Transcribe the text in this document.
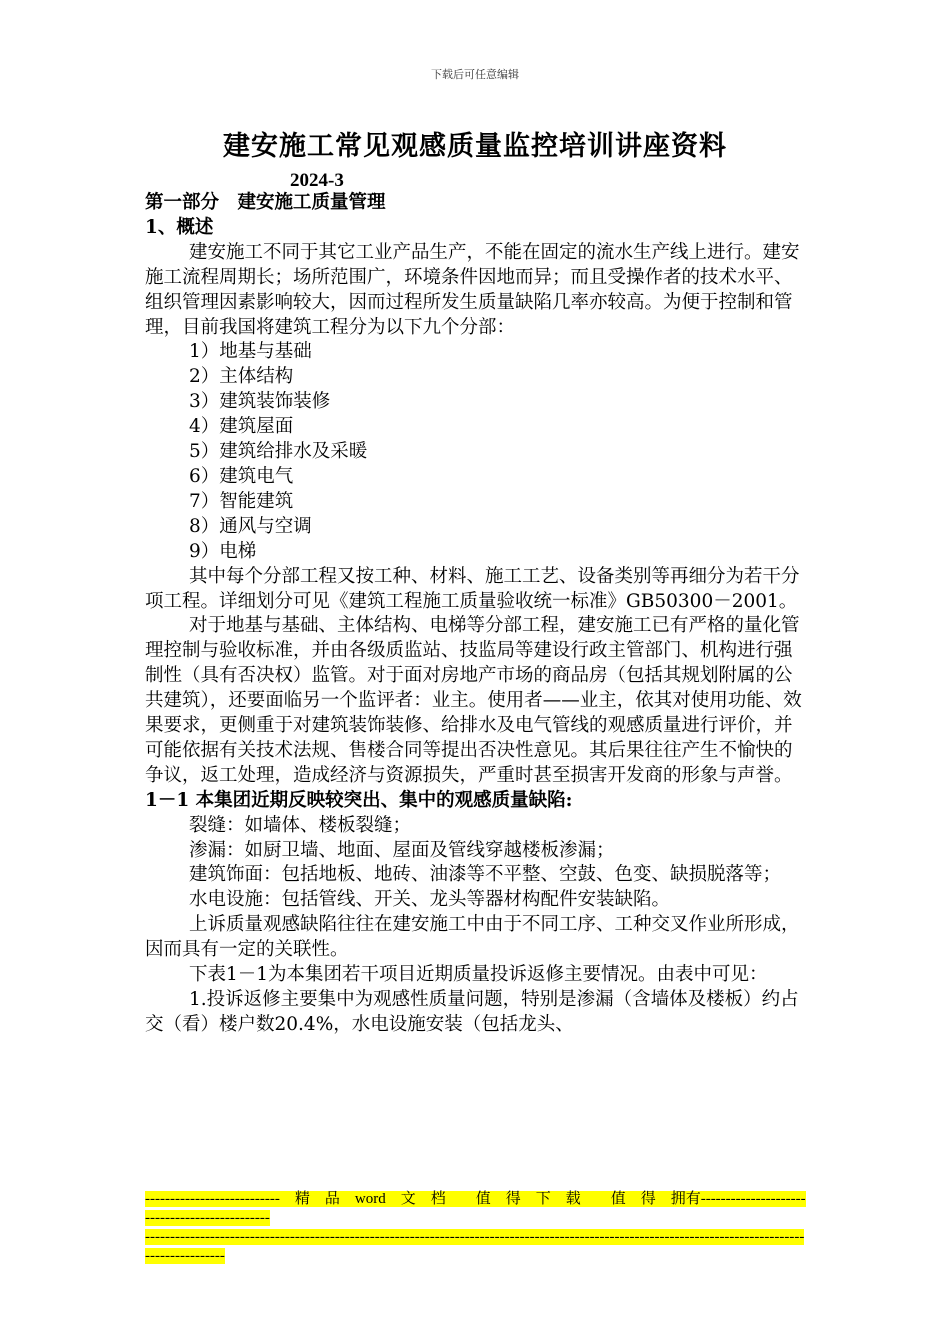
下载后可任意编辑
建安施工常见观感质量监控培训讲座资料
2024-3

第一部分　建安施工质量管理

1、概述

建安施工不同于其它工业产品生产，不能在固定的流水生产线上进行。建安施工流程周期长；场所范围广，环境条件因地而异；而且受操作者的技术水平、组织管理因素影响较大，因而过程所发生质量缺陷几率亦较高。为便于控制和管理，目前我国将建筑工程分为以下九个分部：

1）地基与基础

2）主体结构

3）建筑装饰装修

4）建筑屋面

5）建筑给排水及采暖

6）建筑电气

7）智能建筑

8）通风与空调

9）电梯

其中每个分部工程又按工种、材料、施工工艺、设备类别等再细分为若干分项工程。详细划分可见《建筑工程施工质量验收统一标准》GB50300－2001。

对于地基与基础、主体结构、电梯等分部工程，建安施工已有严格的量化管理控制与验收标准，并由各级质监站、技监局等建设行政主管部门、机构进行强制性（具有否决权）监管。对于面对房地产市场的商品房（包括其规划附属的公共建筑），还要面临另一个监评者：业主。使用者——业主，依其对使用功能、效果要求，更侧重于对建筑装饰装修、给排水及电气管线的观感质量进行评价，并可能依据有关技术法规、售楼合同等提出否决性意见。其后果往往产生不愉快的争议，返工处理，造成经济与资源损失，严重时甚至损害开发商的形象与声誉。

1－1 本集团近期反映较突出、集中的观感质量缺陷:

裂缝：如墙体、楼板裂缝；

渗漏：如厨卫墙、地面、屋面及管线穿越楼板渗漏；

建筑饰面：包括地板、地砖、油漆等不平整、空鼓、色变、缺损脱落等；

水电设施：包括管线、开关、龙头等器材构配件安装缺陷。

上诉质量观感缺陷往往在建安施工中由于不同工序、工种交叉作业所形成，因而具有一定的关联性。

下表1－1为本集团若干项目近期质量投诉返修主要情况。由表中可见：

1.投诉返修主要集中为观感性质量问题，特别是渗漏（含墙体及楼板）约占交（看）楼户数20.4%，水电设施安装（包括龙头、

---------------------------　精　品　word　文　档　　值　得　下　载　　值　得　拥有----------------------------------------------
----------------------------------------------------------------------------------------------------------------------------------------------------
